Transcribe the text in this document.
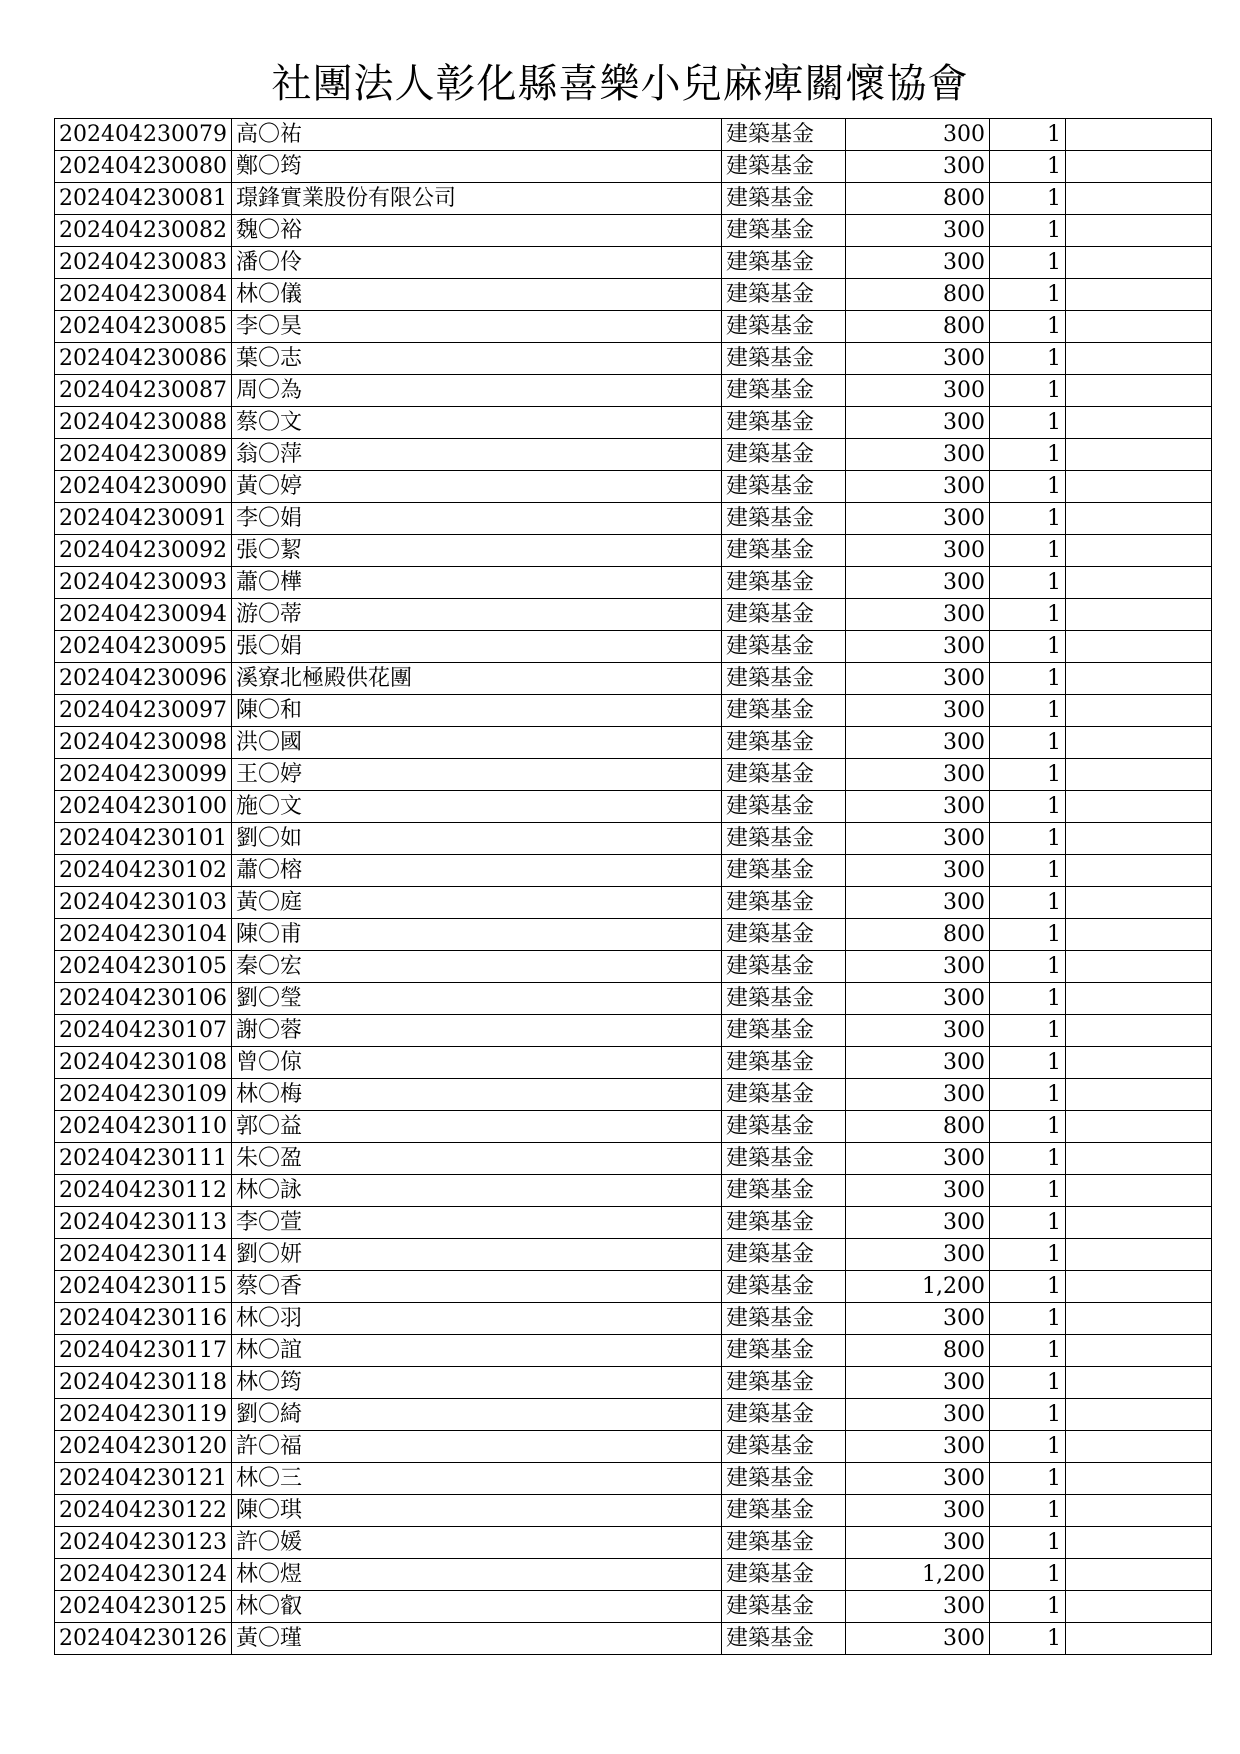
社團法人彰化縣喜樂小兒麻痺關懷協會
202404230079	高〇祐	建築基金	300	1	
202404230080	鄭〇筠	建築基金	300	1	
202404230081	璟鋒實業股份有限公司	建築基金	800	1	
202404230082	魏〇裕	建築基金	300	1	
202404230083	潘〇伶	建築基金	300	1	
202404230084	林〇儀	建築基金	800	1	
202404230085	李〇昊	建築基金	800	1	
202404230086	葉〇志	建築基金	300	1	
202404230087	周〇為	建築基金	300	1	
202404230088	蔡〇文	建築基金	300	1	
202404230089	翁〇萍	建築基金	300	1	
202404230090	黃〇婷	建築基金	300	1	
202404230091	李〇娟	建築基金	300	1	
202404230092	張〇絜	建築基金	300	1	
202404230093	蕭〇樺	建築基金	300	1	
202404230094	游〇蒂	建築基金	300	1	
202404230095	張〇娟	建築基金	300	1	
202404230096	溪寮北極殿供花團	建築基金	300	1	
202404230097	陳〇和	建築基金	300	1	
202404230098	洪〇國	建築基金	300	1	
202404230099	王〇婷	建築基金	300	1	
202404230100	施〇文	建築基金	300	1	
202404230101	劉〇如	建築基金	300	1	
202404230102	蕭〇榕	建築基金	300	1	
202404230103	黃〇庭	建築基金	300	1	
202404230104	陳〇甫	建築基金	800	1	
202404230105	秦〇宏	建築基金	300	1	
202404230106	劉〇瑩	建築基金	300	1	
202404230107	謝〇蓉	建築基金	300	1	
202404230108	曾〇倞	建築基金	300	1	
202404230109	林〇梅	建築基金	300	1	
202404230110	郭〇益	建築基金	800	1	
202404230111	朱〇盈	建築基金	300	1	
202404230112	林〇詠	建築基金	300	1	
202404230113	李〇萱	建築基金	300	1	
202404230114	劉〇妍	建築基金	300	1	
202404230115	蔡〇香	建築基金	1,200	1	
202404230116	林〇羽	建築基金	300	1	
202404230117	林〇誼	建築基金	800	1	
202404230118	林〇筠	建築基金	300	1	
202404230119	劉〇綺	建築基金	300	1	
202404230120	許〇福	建築基金	300	1	
202404230121	林〇三	建築基金	300	1	
202404230122	陳〇琪	建築基金	300	1	
202404230123	許〇媛	建築基金	300	1	
202404230124	林〇煜	建築基金	1,200	1	
202404230125	林〇叡	建築基金	300	1	
202404230126	黃〇瑾	建築基金	300	1	
